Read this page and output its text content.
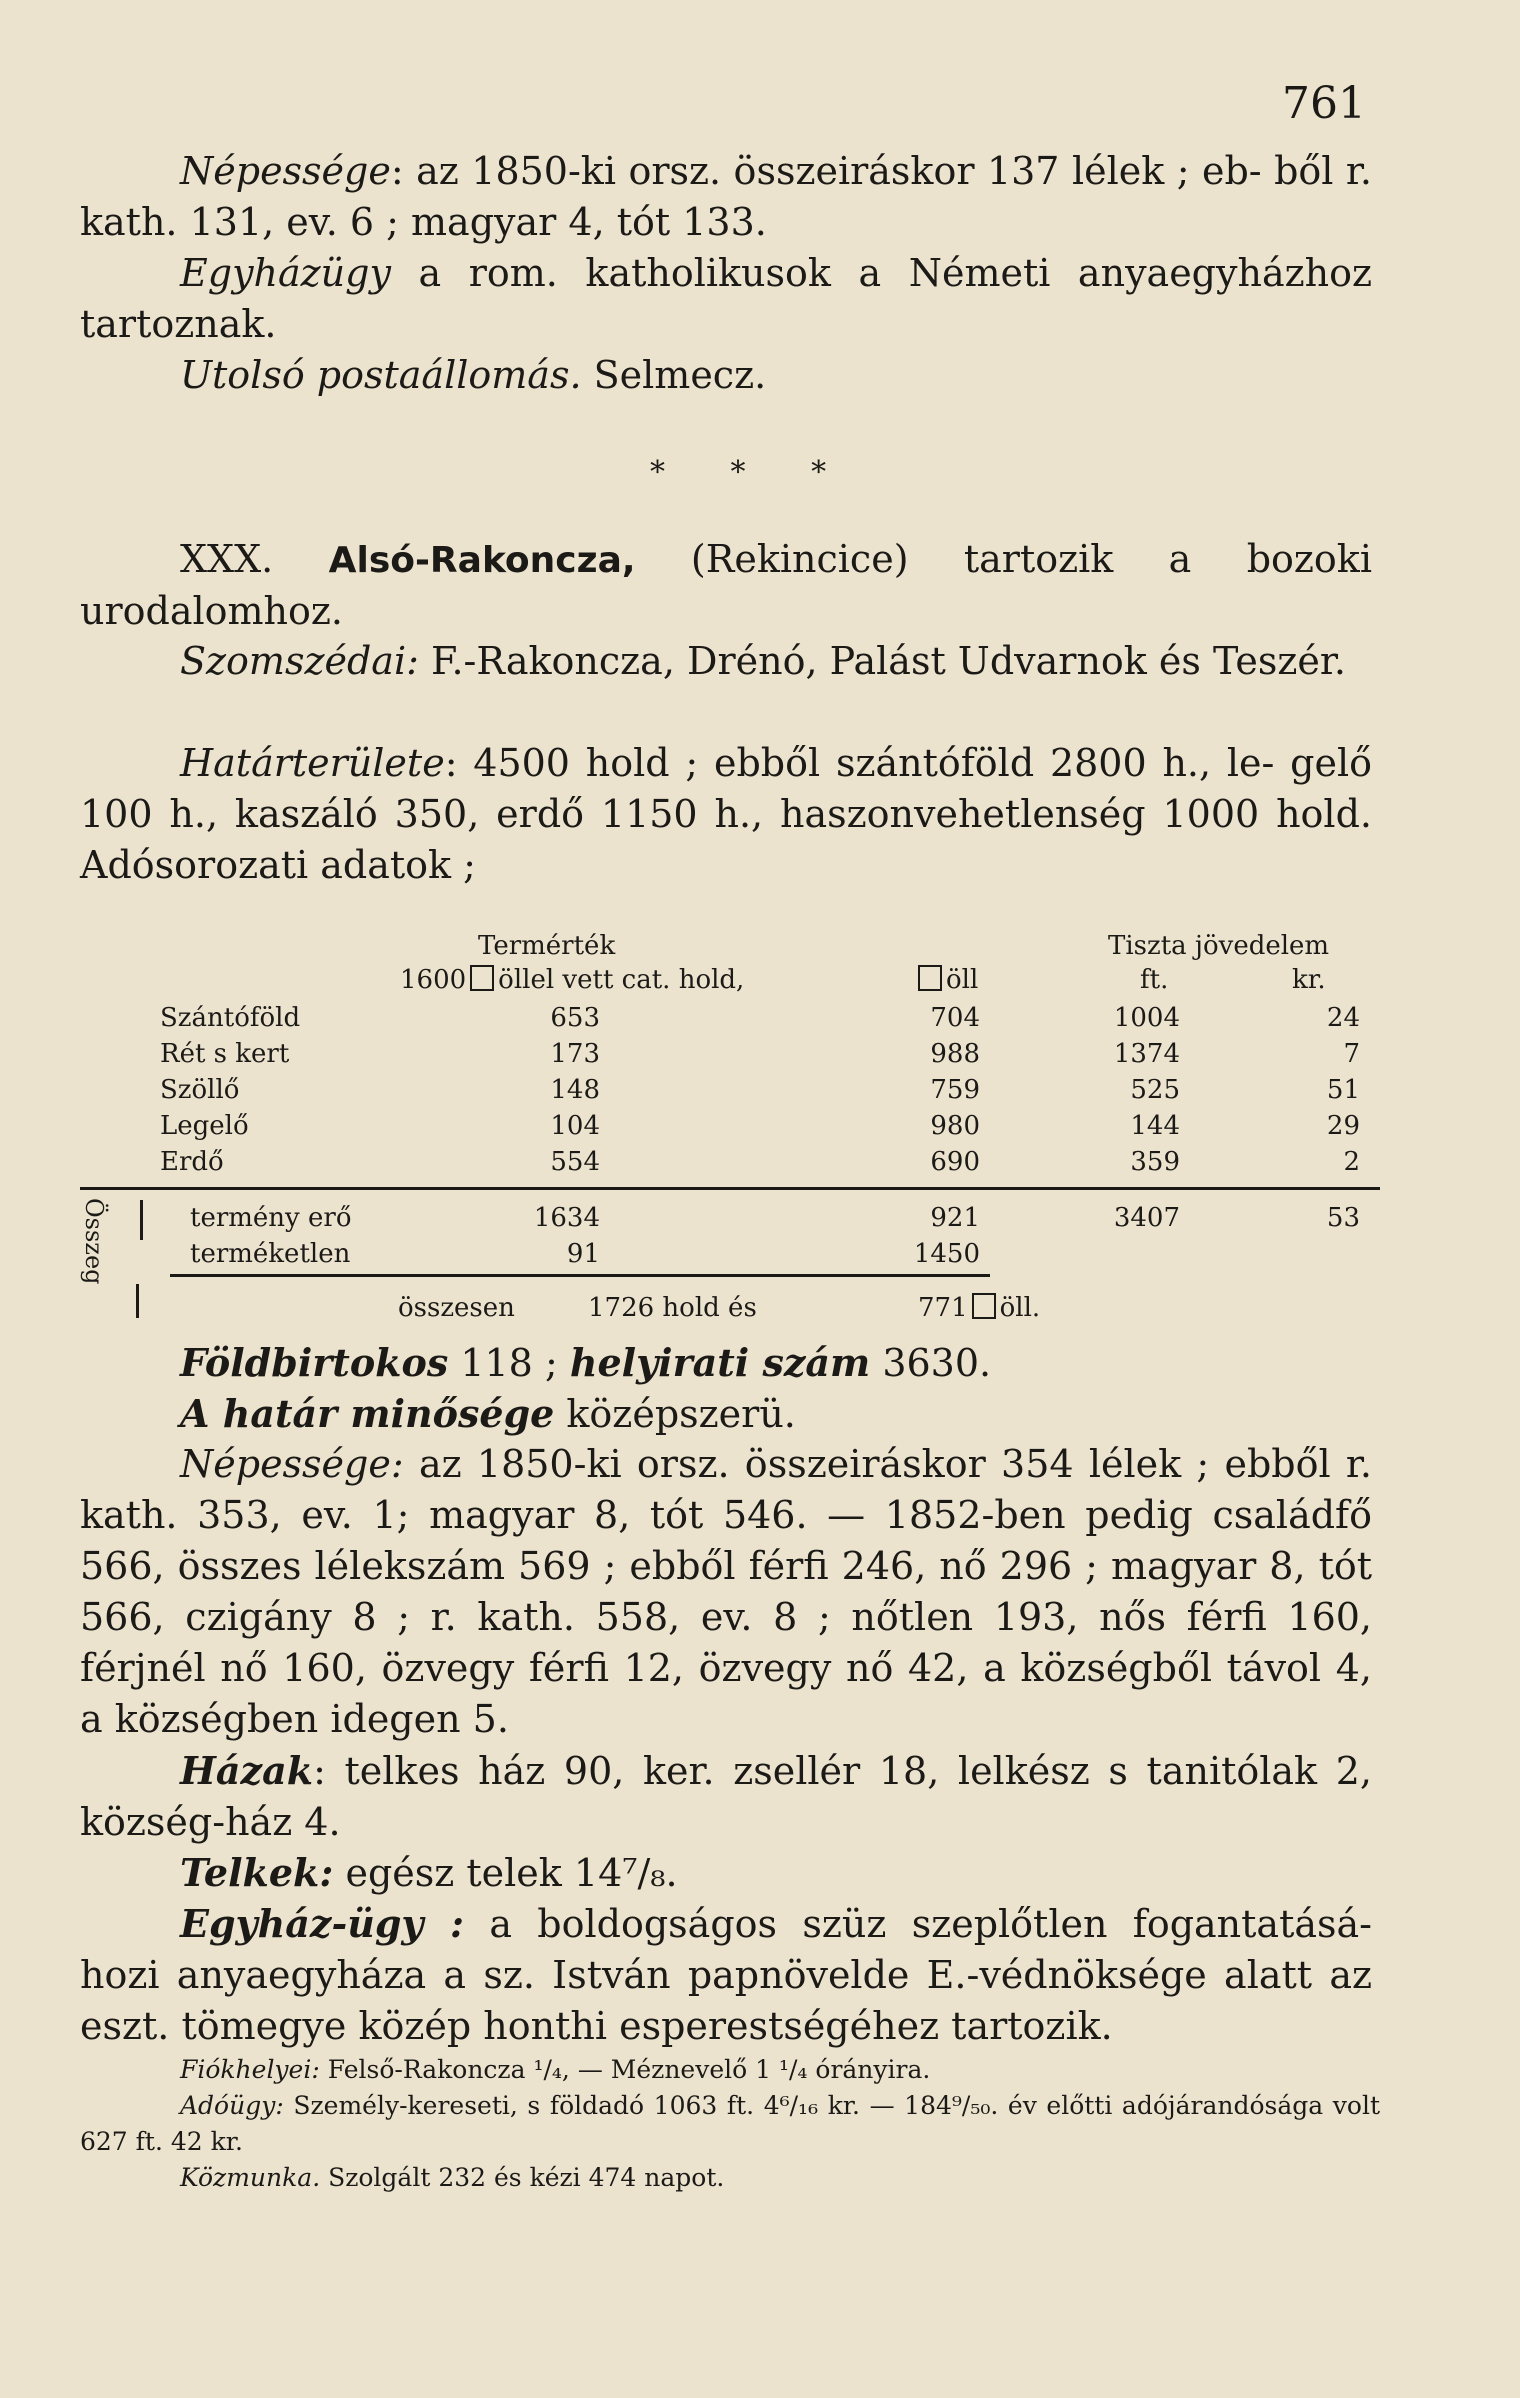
761

Népessége: az 1850-ki orsz. összeiráskor 137 lélek ; eb- ből r. kath. 131, ev. 6 ; magyar 4, tót 133.

Egyházügy a rom. katholikusok a Németi anyaegyházhoz tartoznak.

Utolsó postaállomás. Selmecz.

* * *

XXX. Alsó-Rakoncza, (Rekincice) tartozik a bozoki urodalomhoz.

Szomszédai: F.-Rakoncza, Drénó, Palást Udvarnok és Teszér.

Határterülete: 4500 hold ; ebből szántóföld 2800 h., le- gelő 100 h., kaszáló 350, erdő 1150 h., haszonvehetlenség 1000 hold. Adósorozati adatok ;

Termérték	Tiszta jövedelem
1600 öllel vett cat. hold,	öll	ft.	kr.
Szántóföld	653	704	1004	24
Rét s kert	173	988	1374	7
Szöllő	148	759	525	51
Legelő	104	980	144	29
Erdő	554	690	359	2
Összeg	termény erő	1634	921	3407	53
terméketlen	91	1450
összesen	1726 hold és	771 öll.

Földbirtokos 118 ; helyirati szám 3630.

A határ minősége középszerü.

Népessége: az 1850-ki orsz. összeiráskor 354 lélek ; ebből r. kath. 353, ev. 1; magyar 8, tót 546. — 1852-ben pedig családfő 566, összes lélekszám 569 ; ebből férfi 246, nő 296 ; magyar 8, tót 566, czigány 8 ; r. kath. 558, ev. 8 ; nőtlen 193, nős férfi 160, férjnél nő 160, özvegy férfi 12, özvegy nő 42, a községből távol 4, a községben idegen 5.

Házak: telkes ház 90, ker. zsellér 18, lelkész s tanitólak 2, község-ház 4.

Telkek: egész telek 14⁷/₈.

Egyház-ügy : a boldogságos szüz szeplőtlen fogantatásá- hozi anyaegyháza a sz. István papnövelde E.-védnöksége alatt az eszt. tömegye közép honthi esperestségéhez tartozik.

Fiókhelyei: Felső-Rakoncza ¹/₄, — Méznevelő 1 ¹/₄ órányira.

Adóügy: Személy-kereseti, s földadó 1063 ft. 4⁶/₁₆ kr. — 184⁹/₅₀. év előtti adójárandósága volt 627 ft. 42 kr.

Közmunka. Szolgált 232 és kézi 474 napot.
